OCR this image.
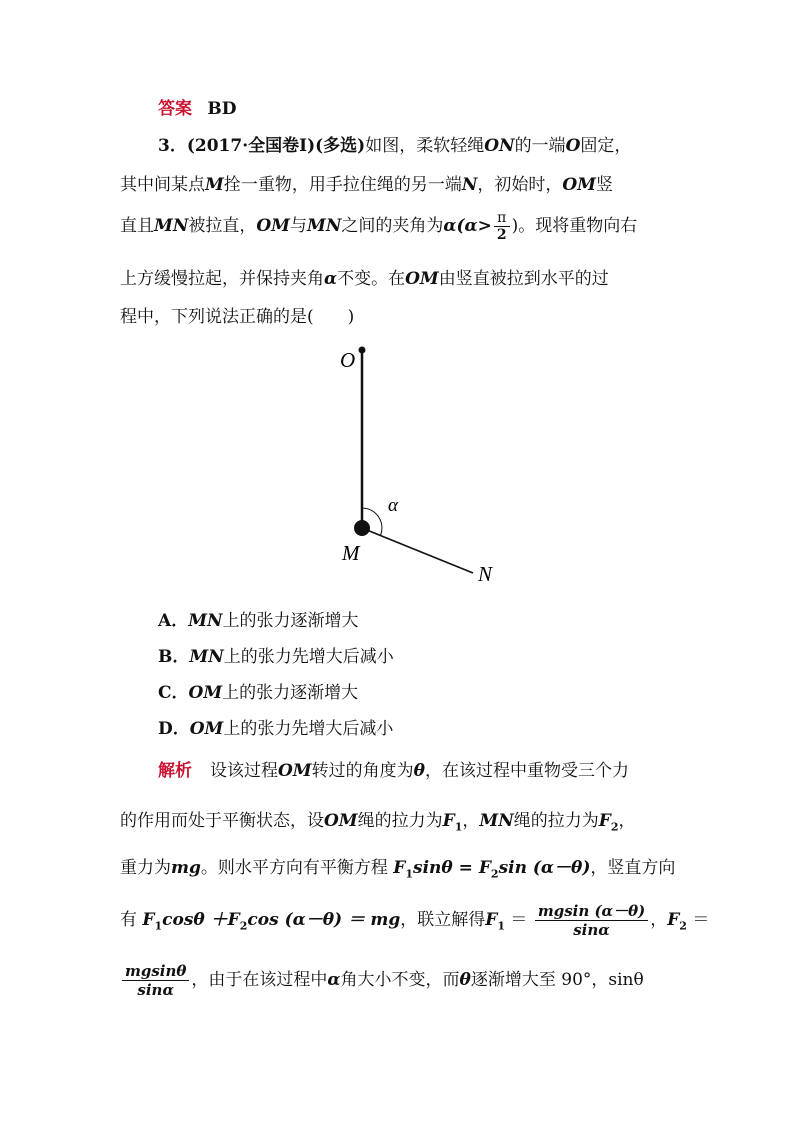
答案 BD
3．(2017·全国卷Ⅰ)(多选)如图，柔软轻绳ON的一端O固定，
其中间某点M拴一重物，用手拉住绳的另一端N，初始时，OM竖
直且MN被拉直，OM与MN之间的夹角为$\alpha(\alpha> \frac{\pi}{2}$ )。现将重物向右
上方缓慢拉起，并保持夹角α不变。在OM由竖直被拉到水平的过
程中，下列说法正确的是(　　)
O
α
M
N
A．MN上的张力逐渐增大
B．MN上的张力先增大后减小
C．OM上的张力逐渐增大
D．OM上的张力先增大后减小
解析 设该过程OM转过的角度为θ，在该过程中重物受三个力
的作用而处于平衡状态，设OM绳的拉力为$F_1$，MN绳的拉力为$F_2$，
重力为mg。则水平方向有平衡方程 $F_1\sin\theta = F_2\sin$ (α－θ)，竖直方向
有 $F_1\cos\theta +F_2\cos$ (α－θ) ＝ mg，联立解得$F_1 = \frac{mgsin (\alpha-\theta)}{\sin\alpha}$ ，$F_2$ ＝
$\frac{mgsin\theta}{\sin\alpha}$ ，由于在该过程中α角大小不变，而θ逐渐增大至 90°，sinθ
